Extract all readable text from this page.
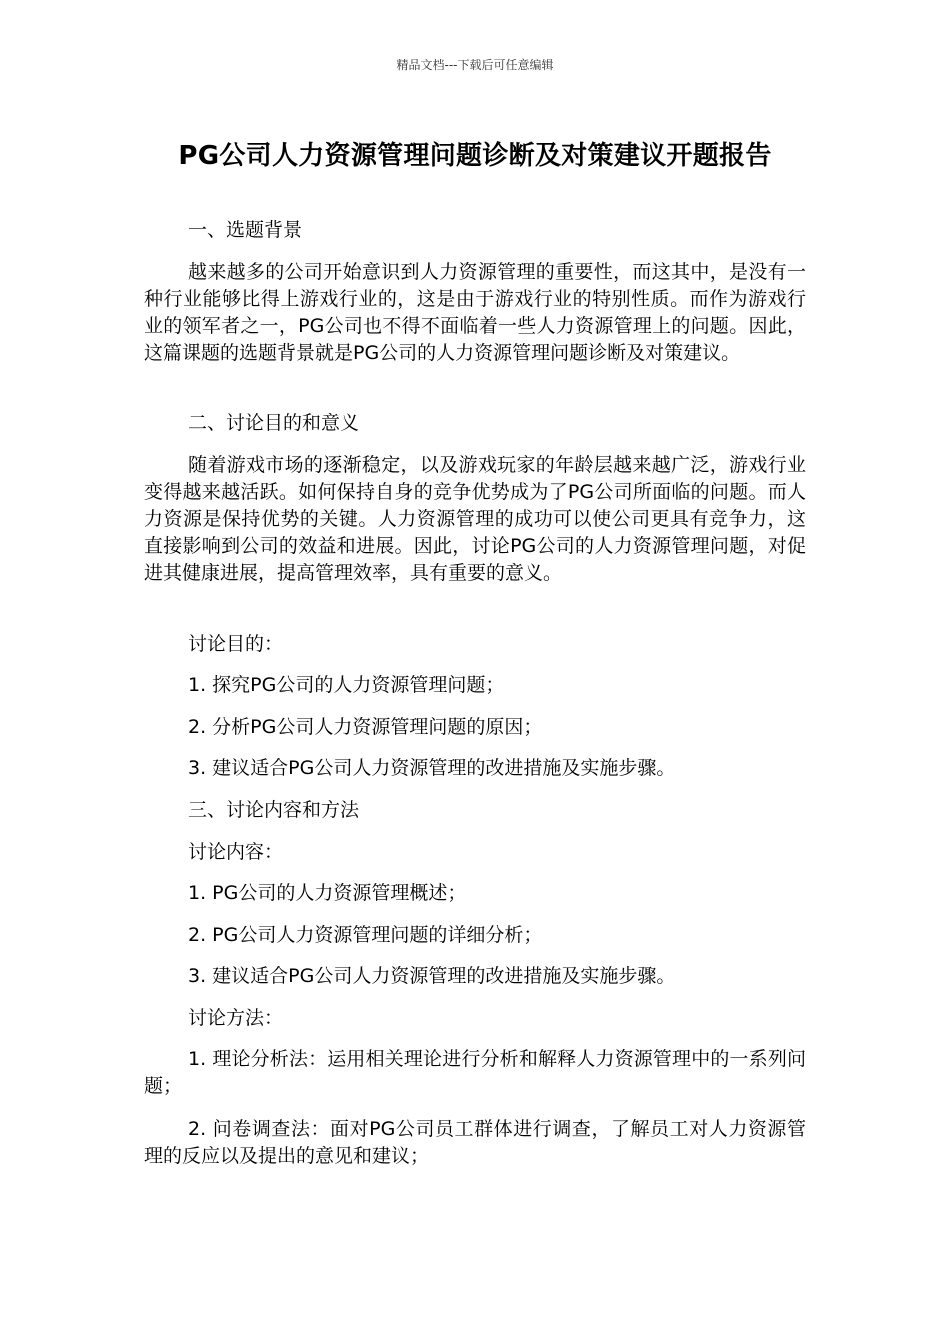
精品文档---下载后可任意编辑
PG公司人力资源管理问题诊断及对策建议开题报告

一、选题背景

越来越多的公司开始意识到人力资源管理的重要性，而这其中，是没有一种行业能够比得上游戏行业的，这是由于游戏行业的特别性质。而作为游戏行业的领军者之一，PG公司也不得不面临着一些人力资源管理上的问题。因此，这篇课题的选题背景就是PG公司的人力资源管理问题诊断及对策建议。

二、讨论目的和意义

随着游戏市场的逐渐稳定，以及游戏玩家的年龄层越来越广泛，游戏行业变得越来越活跃。如何保持自身的竞争优势成为了PG公司所面临的问题。而人力资源是保持优势的关键。人力资源管理的成功可以使公司更具有竞争力，这直接影响到公司的效益和进展。因此，讨论PG公司的人力资源管理问题，对促进其健康进展，提高管理效率，具有重要的意义。

讨论目的：

1. 探究PG公司的人力资源管理问题；

2. 分析PG公司人力资源管理问题的原因；

3. 建议适合PG公司人力资源管理的改进措施及实施步骤。

三、讨论内容和方法

讨论内容：

1. PG公司的人力资源管理概述；

2. PG公司人力资源管理问题的详细分析；

3. 建议适合PG公司人力资源管理的改进措施及实施步骤。

讨论方法：

1. 理论分析法：运用相关理论进行分析和解释人力资源管理中的一系列问题；

2. 问卷调查法：面对PG公司员工群体进行调查，了解员工对人力资源管理的反应以及提出的意见和建议；
